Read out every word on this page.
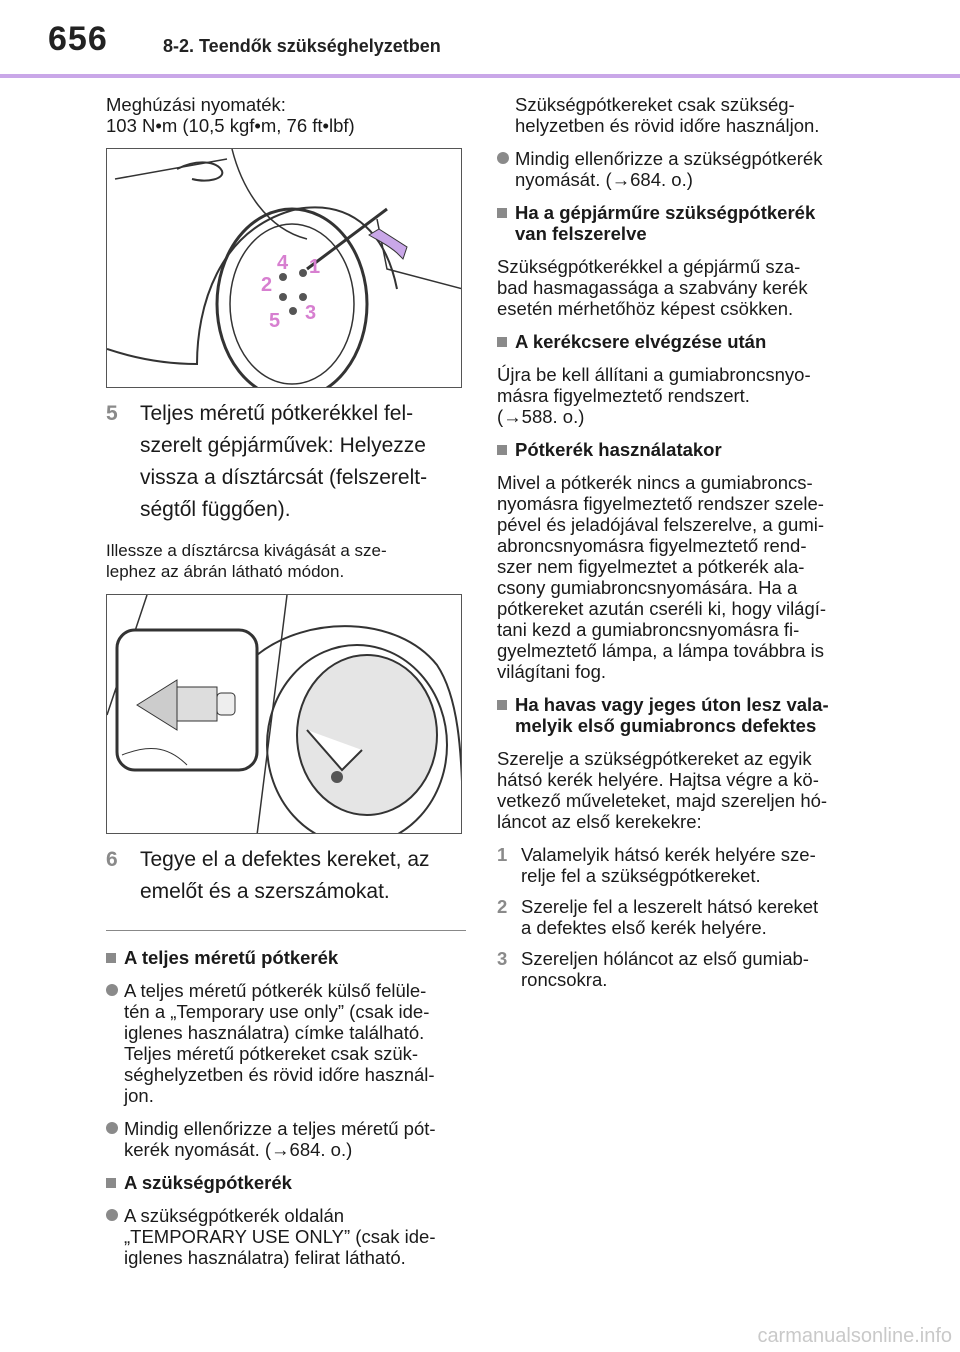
656	8-2. Teendők szükséghelyzetben
Meghúzási nyomaték:
103 N•m (10,5 kgf•m, 76 ft•lbf)
4 1
2
3
5
5	Teljes méretű pótkerékkel fel-
szerelt gépjárművek: Helyezze
vissza a dísztárcsát (felszerelt-
ségtől függően).
Illessze a dísztárcsa kivágását a sze-
lephez az ábrán látható módon.
6	Tegye el a defektes kereket, az
emelőt és a szerszámokat.
A teljes méretű pótkerék
A teljes méretű pótkerék külső felüle-
tén a „Temporary use only” (csak ide-
iglenes használatra) címke található.
Teljes méretű pótkereket csak szük-
séghelyzetben és rövid időre használ-
jon.
Mindig ellenőrizze a teljes méretű pót-
kerék nyomását. (→684. o.)
A szükségpótkerék
A szükségpótkerék oldalán
„TEMPORARY USE ONLY” (csak ide-
iglenes használatra) felirat látható.
Szükségpótkereket csak szükség-
helyzetben és rövid időre használjon.
Mindig ellenőrizze a szükségpótkerék
nyomását. (→684. o.)
Ha a gépjárműre szükségpótkerék
van felszerelve
Szükségpótkerékkel a gépjármű sza-
bad hasmagassága a szabvány kerék
esetén mérhetőhöz képest csökken.
A kerékcsere elvégzése után
Újra be kell állítani a gumiabroncsnyo-
másra figyelmeztető rendszert.
(→588. o.)
Pótkerék használatakor
Mivel a pótkerék nincs a gumiabroncs-
nyomásra figyelmeztető rendszer szele-
pével és jeladójával felszerelve, a gumi-
abroncsnyomásra figyelmeztető rend-
szer nem figyelmeztet a pótkerék ala-
csony gumiabroncsnyomására. Ha a
pótkereket azután cseréli ki, hogy világí-
tani kezd a gumiabroncsnyomásra fi-
gyelmeztető lámpa, a lámpa továbbra is
világítani fog.
Ha havas vagy jeges úton lesz vala-
melyik első gumiabroncs defektes
Szerelje a szükségpótkereket az egyik
hátsó kerék helyére. Hajtsa végre a kö-
vetkező műveleteket, majd szereljen hó-
láncot az első kerekekre:
1 Valamelyik hátsó kerék helyére sze-
relje fel a szükségpótkereket.
2 Szerelje fel a leszerelt hátsó kereket
a defektes első kerék helyére.
3 Szereljen hóláncot az első gumiab-
roncsokra.
carmanualsonline.info
